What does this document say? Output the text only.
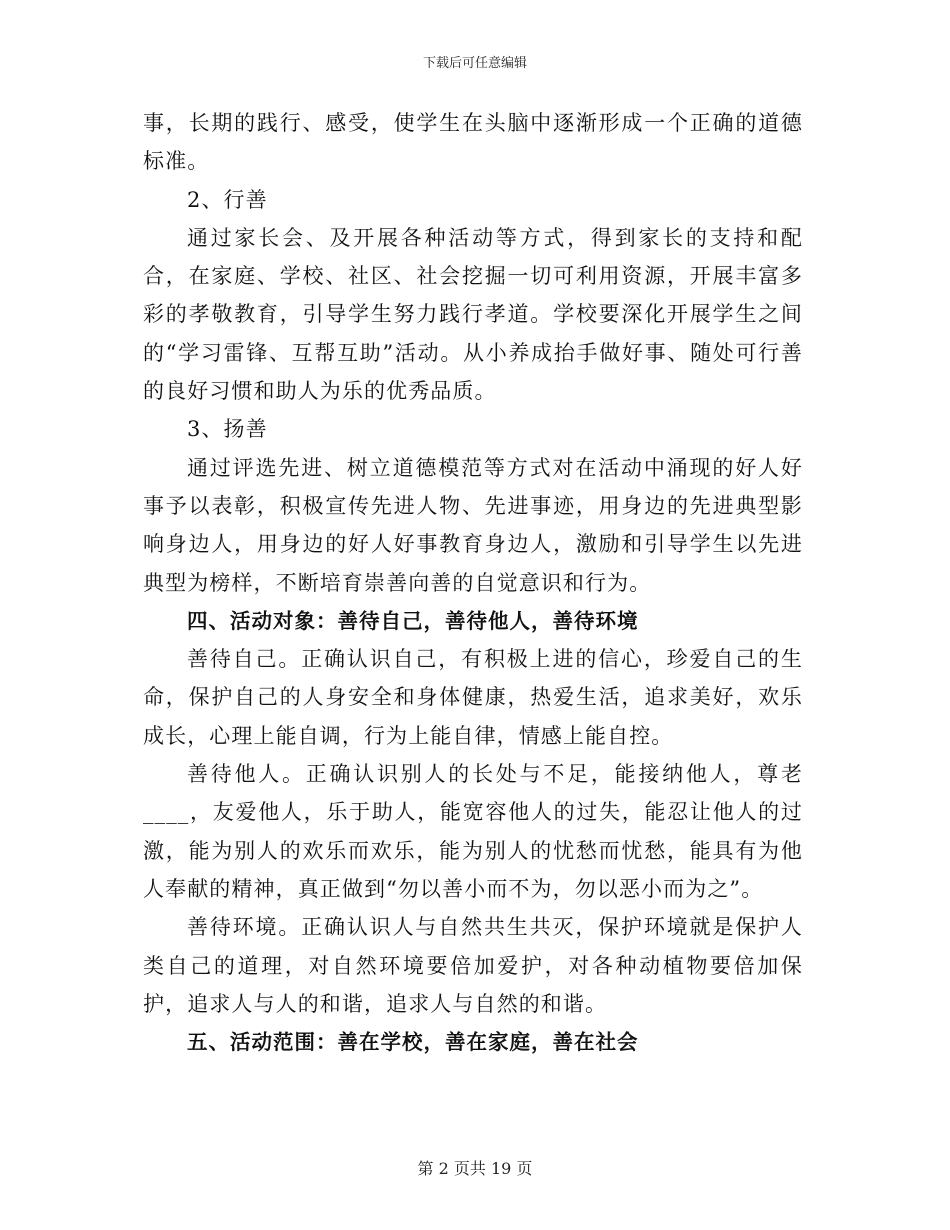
下载后可任意编辑

事，长期的践行、感受，使学生在头脑中逐渐形成一个正确的道德标准。

2、行善

通过家长会、及开展各种活动等方式，得到家长的支持和配合，在家庭、学校、社区、社会挖掘一切可利用资源，开展丰富多彩的孝敬教育，引导学生努力践行孝道。学校要深化开展学生之间的“学习雷锋、互帮互助”活动。从小养成抬手做好事、随处可行善的良好习惯和助人为乐的优秀品质。

3、扬善

通过评选先进、树立道德模范等方式对在活动中涌现的好人好事予以表彰，积极宣传先进人物、先进事迹，用身边的先进典型影响身边人，用身边的好人好事教育身边人，激励和引导学生以先进典型为榜样，不断培育崇善向善的自觉意识和行为。

四、活动对象：善待自己，善待他人，善待环境

善待自己。正确认识自己，有积极上进的信心，珍爱自己的生命，保护自己的人身安全和身体健康，热爱生活，追求美好，欢乐成长，心理上能自调，行为上能自律，情感上能自控。

善待他人。正确认识别人的长处与不足，能接纳他人，尊老____，友爱他人，乐于助人，能宽容他人的过失，能忍让他人的过激，能为别人的欢乐而欢乐，能为别人的忧愁而忧愁，能具有为他人奉献的精神，真正做到“勿以善小而不为，勿以恶小而为之”。

善待环境。正确认识人与自然共生共灭，保护环境就是保护人类自己的道理，对自然环境要倍加爱护，对各种动植物要倍加保护，追求人与人的和谐，追求人与自然的和谐。

五、活动范围：善在学校，善在家庭，善在社会

第 2 页共 19 页
